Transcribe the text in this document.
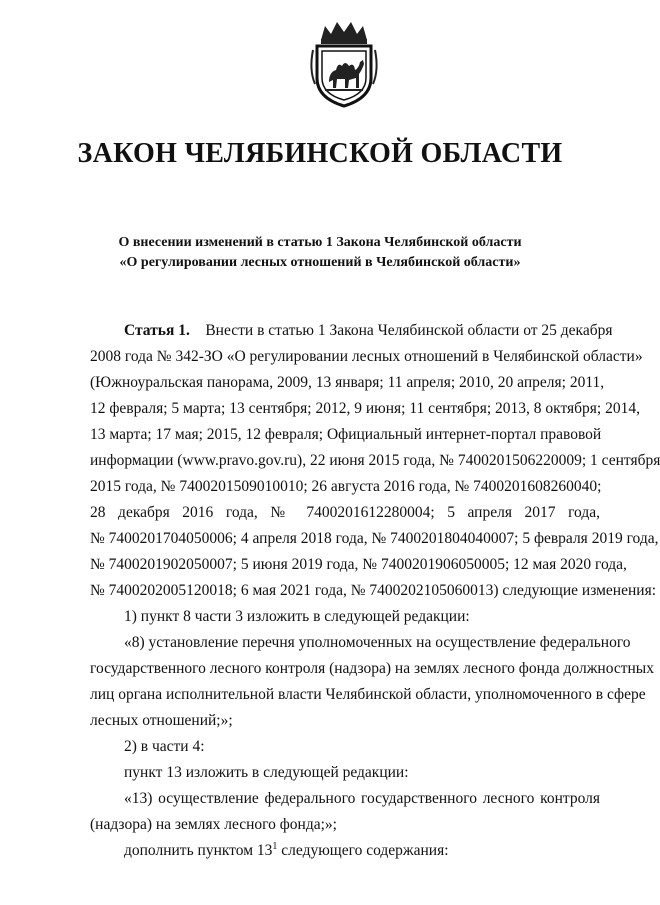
ЗАКОН ЧЕЛЯБИНСКОЙ ОБЛАСТИ
О внесении изменений в статью 1 Закона Челябинской области
«О регулировании лесных отношений в Челябинской области»
Статья 1. Внести в статью 1 Закона Челябинской области от 25 декабря
2008 года № 342-ЗО «О регулировании лесных отношений в Челябинской области»
(Южноуральская панорама, 2009, 13 января; 11 апреля; 2010, 20 апреля; 2011,
12 февраля; 5 марта; 13 сентября; 2012, 9 июня; 11 сентября; 2013, 8 октября; 2014,
13 марта; 17 мая; 2015, 12 февраля; Официальный интернет-портал правовой
информации (www.pravo.gov.ru), 22 июня 2015 года, № 7400201506220009; 1 сентября
2015 года, № 7400201509010010; 26 августа 2016 года, № 7400201608260040;
28 декабря 2016 года, № 7400201612280004; 5 апреля 2017 года,
№ 7400201704050006; 4 апреля 2018 года, № 7400201804040007; 5 февраля 2019 года,
№ 7400201902050007; 5 июня 2019 года, № 7400201906050005; 12 мая 2020 года,
№ 7400202005120018; 6 мая 2021 года, № 7400202105060013) следующие изменения:
1) пункт 8 части 3 изложить в следующей редакции:
«8) установление перечня уполномоченных на осуществление федерального
государственного лесного контроля (надзора) на землях лесного фонда должностных
лиц органа исполнительной власти Челябинской области, уполномоченного в сфере
лесных отношений;»;
2) в части 4:
пункт 13 изложить в следующей редакции:
«13) осуществление федерального государственного лесного контроля
(надзора) на землях лесного фонда;»;
дополнить пунктом $13^1$ следующего содержания:
